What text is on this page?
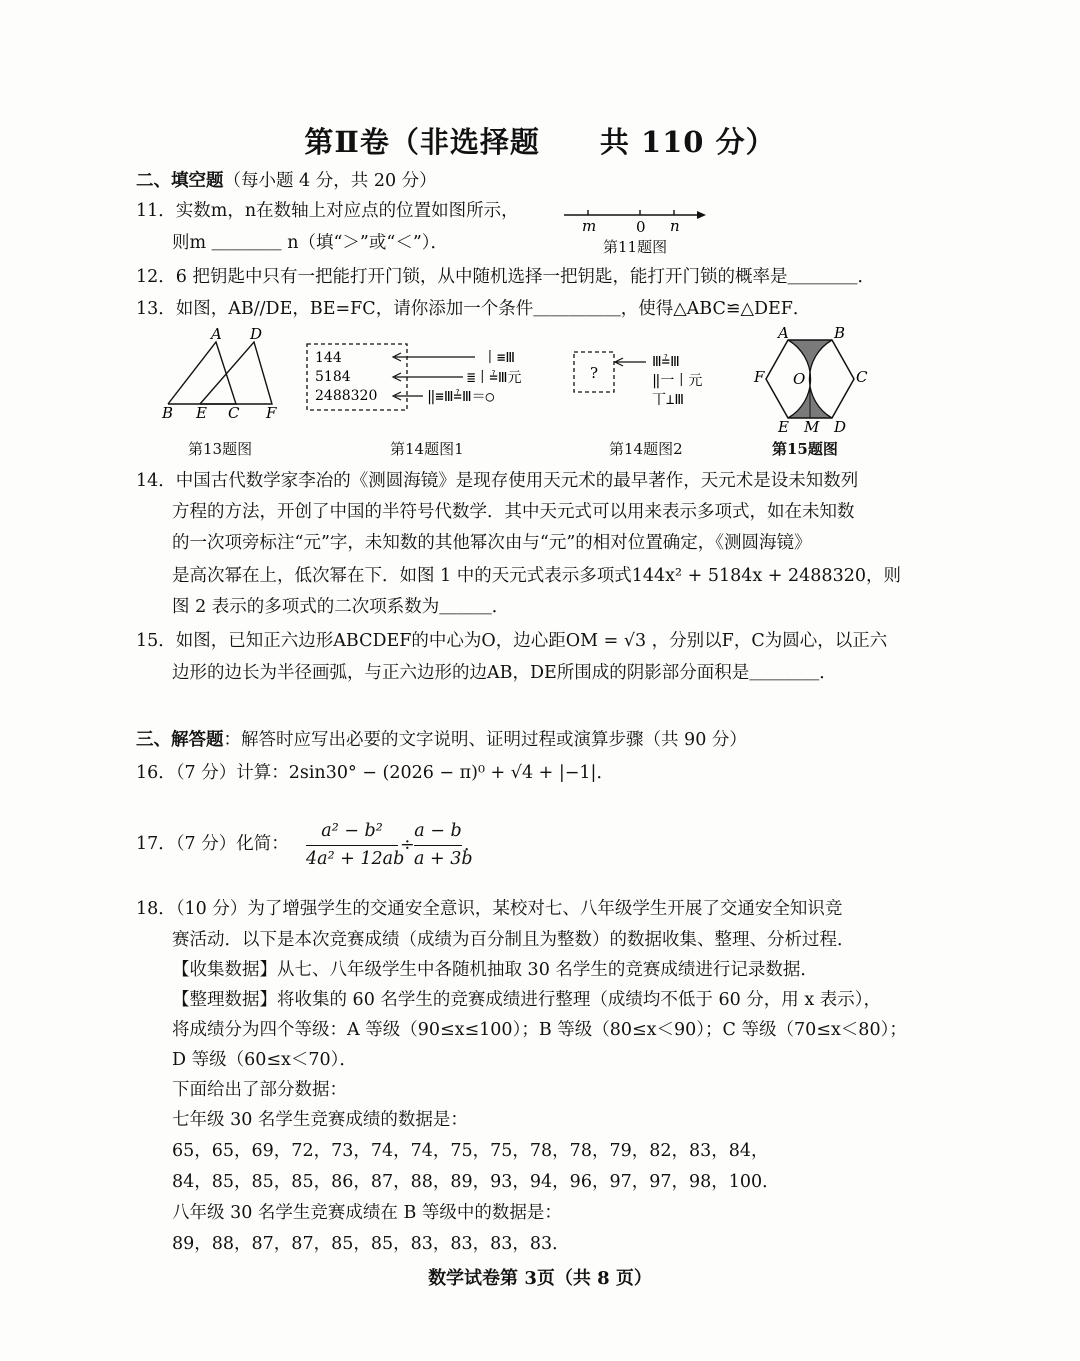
第Ⅱ卷（非选择题　　共 110 分）
二、填空题（每小题 4 分，共 20 分）
11．实数m，n在数轴上对应点的位置如图所示，
则m ＿＿＿＿ n（填“＞”或“＜”）．
m	0 n
第11题图
12．6 把钥匙中只有一把能打开门锁，从中随机选择一把钥匙，能打开门锁的概率是＿＿＿＿．
13．如图，AB//DE，BE=FC，请你添加一个条件＿＿＿＿＿，使得△ABC≌△DEF．
A D
B E C F
第13题图
144
5184
2488320
丨≡Ⅲ
≣丨≟Ⅲ元
‖≡Ⅲ≟Ⅲ＝○
第14题图1
?
Ⅲ≟Ⅲ
‖一丨元
丅⊥Ⅲ
第14题图2
A	B
C
D
M
E
F O
第15题图
14．中国古代数学家李冶的《测圆海镜》是现存使用天元术的最早著作，天元术是设未知数列
方程的方法，开创了中国的半符号代数学．其中天元式可以用来表示多项式，如在未知数
的一次项旁标注“元”字，未知数的其他幂次由与“元”的相对位置确定，《测圆海镜》
是高次幂在上，低次幂在下．如图 1 中的天元式表示多项式144x² + 5184x + 2488320，则
图 2 表示的多项式的二次项系数为＿＿＿．
15．如图，已知正六边形ABCDEF的中心为O，边心距OM = √3 ，分别以F，C为圆心，以正六
边形的边长为半径画弧，与正六边形的边AB，DE所围成的阴影部分面积是＿＿＿＿．
三、解答题：解答时应写出必要的文字说明、证明过程或演算步骤（共 90 分）
16．（7 分）计算：2sin30° − (2026 − π)⁰ + √4 + |−1|．
17．（7 分）化简：
a² − b²
4a² + 12ab
÷
a − b
a + 3b
．
18．（10 分）为了增强学生的交通安全意识，某校对七、八年级学生开展了交通安全知识竞
赛活动．以下是本次竞赛成绩（成绩为百分制且为整数）的数据收集、整理、分析过程．
【收集数据】从七、八年级学生中各随机抽取 30 名学生的竞赛成绩进行记录数据．
【整理数据】将收集的 60 名学生的竞赛成绩进行整理（成绩均不低于 60 分，用 x 表示），
将成绩分为四个等级：A 等级（90≤x≤100）；B 等级（80≤x＜90）；C 等级（70≤x＜80）；
D 等级（60≤x＜70）．
下面给出了部分数据：
七年级 30 名学生竞赛成绩的数据是：
65，65，69，72，73，74，74，75，75，78，78，79，82，83，84，
84，85，85，85，86，87，88，89，93，94，96，97，97，98，100．
八年级 30 名学生竞赛成绩在 B 等级中的数据是：
89，88，87，87，85，85，83，83，83，83．
数学试卷第 3页（共 8 页）
